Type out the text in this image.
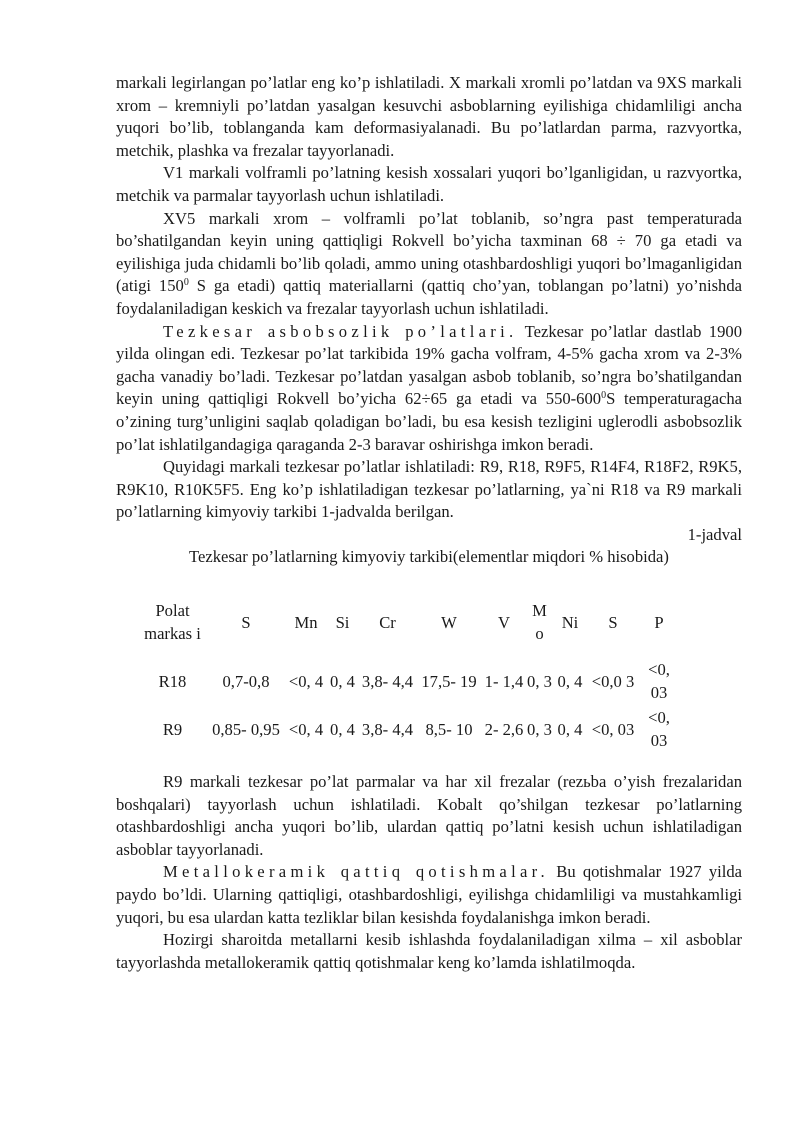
markali legirlangan po’latlar eng ko’p ishlatiladi. X markali xromli po’latdan va 9XS markali xrom – kremniyli po’latdan yasalgan kesuvchi asboblarning eyilishiga chidamliligi ancha yuqori bo’lib, toblanganda kam deformasiyalanadi. Bu po’latlardan parma, razvyortka, metchik, plashka va frezalar tayyorlanadi.

V1 markali volframli po’latning kesish xossalari yuqori bo’lganligidan, u razvyortka, metchik va parmalar tayyorlash uchun ishlatiladi.

XV5 markali xrom – volframli po’lat toblanib, so’ngra past temperaturada bo’shatilgandan keyin uning qattiqligi Rokvell bo’yicha taxminan 68 ÷ 70 ga etadi va eyilishiga juda chidamli bo’lib qoladi, ammo uning otashbardoshligi yuqori bo’lmaganligidan (atigi $150^0$ S ga etadi) qattiq materiallarni (qattiq cho’yan, toblangan po’latni) yo’nishda foydalaniladigan keskich va frezalar tayyorlash uchun ishlatiladi.

Tezkesar asbobsozlik po’latlari. Tezkesar po’latlar dastlab 1900 yilda olingan edi. Tezkesar po’lat tarkibida 19% gacha volfram, 4-5% gacha xrom va 2-3% gacha vanadiy bo’ladi. Tezkesar po’latdan yasalgan asbob toblanib, so’ngra bo’shatilgandan keyin uning qattiqligi Rokvell bo’yicha 62÷65 ga etadi va $550-600^0S$ temperaturagacha o’zining turg’unligini saqlab qoladigan bo’ladi, bu esa kesish tezligini uglerodli asbobsozlik po’lat ishlatilgandagiga qaraganda 2-3 baravar oshirishga imkon beradi.

Quyidagi markali tezkesar po’latlar ishlatiladi: R9, R18, R9F5, R14F4, R18F2, R9K5, R9K10, R10K5F5. Eng ko’p ishlatiladigan tezkesar po’latlarning, ya`ni R18 va R9 markali po’latlarning kimyoviy tarkibi 1-jadvalda berilgan.

1-jadval

Tezkesar po’latlarning kimyoviy tarkibi(elementlar miqdori % hisobida)

Polat markas i	S	Mn	Si	Cr	W	V	M o	Ni	S	P
R18	0,7-0,8	<0, 4	0, 4	3,8- 4,4	17,5- 19	1- 1,4	0, 3	0, 4	<0,0 3	<0, 03
R9	0,85- 0,95	<0, 4	0, 4	3,8- 4,4	8,5- 10	2- 2,6	0, 3	0, 4	<0, 03	<0, 03

R9 markali tezkesar po’lat parmalar va har xil frezalar (rezьba o’yish frezalaridan boshqalari) tayyorlash uchun ishlatiladi. Kobalt qo’shilgan tezkesar po’latlarning otashbardoshligi ancha yuqori bo’lib, ulardan qattiq po’latni kesish uchun ishlatiladigan asboblar tayyorlanadi.

Metallokeramik qattiq qotishmalar. Bu qotishmalar 1927 yilda paydo bo’ldi. Ularning qattiqligi, otashbardoshligi, eyilishga chidamliligi va mustahkamligi yuqori, bu esa ulardan katta tezliklar bilan kesishda foydalanishga imkon beradi.

Hozirgi sharoitda metallarni kesib ishlashda foydalaniladigan xilma – xil asboblar tayyorlashda metallokeramik qattiq qotishmalar keng ko’lamda ishlatilmoqda.
